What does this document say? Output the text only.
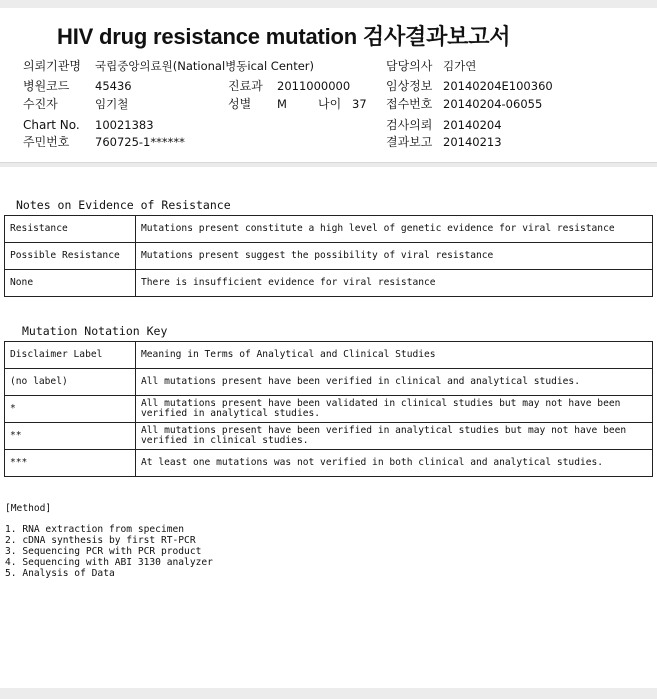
HIV drug resistance mutation 검사결과보고서
의뢰기관명 국립중앙의료원(National병동ical Center)	담당의사 김가연
병원코드 45436	진료과 2011000000	임상정보 20140204E100360
수진자	임기철	성별 M	나이 37 접수번호 20140204-06055
Chart No. 10021383	검사의뢰 20140204
주민번호 760725-1******	결과보고 20140213
Notes on Evidence of Resistance
Resistance	Mutations present constitute a high level of genetic evidence for viral resistance
Possible Resistance	Mutations present suggest the possibility of viral resistance
None	There is insufficient evidence for viral resistance
Mutation Notation Key
Disclaimer Label	Meaning in Terms of Analytical and Clinical Studies
(no label)	All mutations present have been verified in clinical and analytical studies.
*	All mutations present have been validated in clinical studies but may not have been verified in analytical studies.
**	All mutations present have been verified in analytical studies but may not have been verified in clinical studies.
***	At least one mutations was not verified in both clinical and analytical studies.
[Method]
1. RNA extraction from specimen
2. cDNA synthesis by first RT-PCR
3. Sequencing PCR with PCR product
4. Sequencing with ABI 3130 analyzer
5. Analysis of Data
